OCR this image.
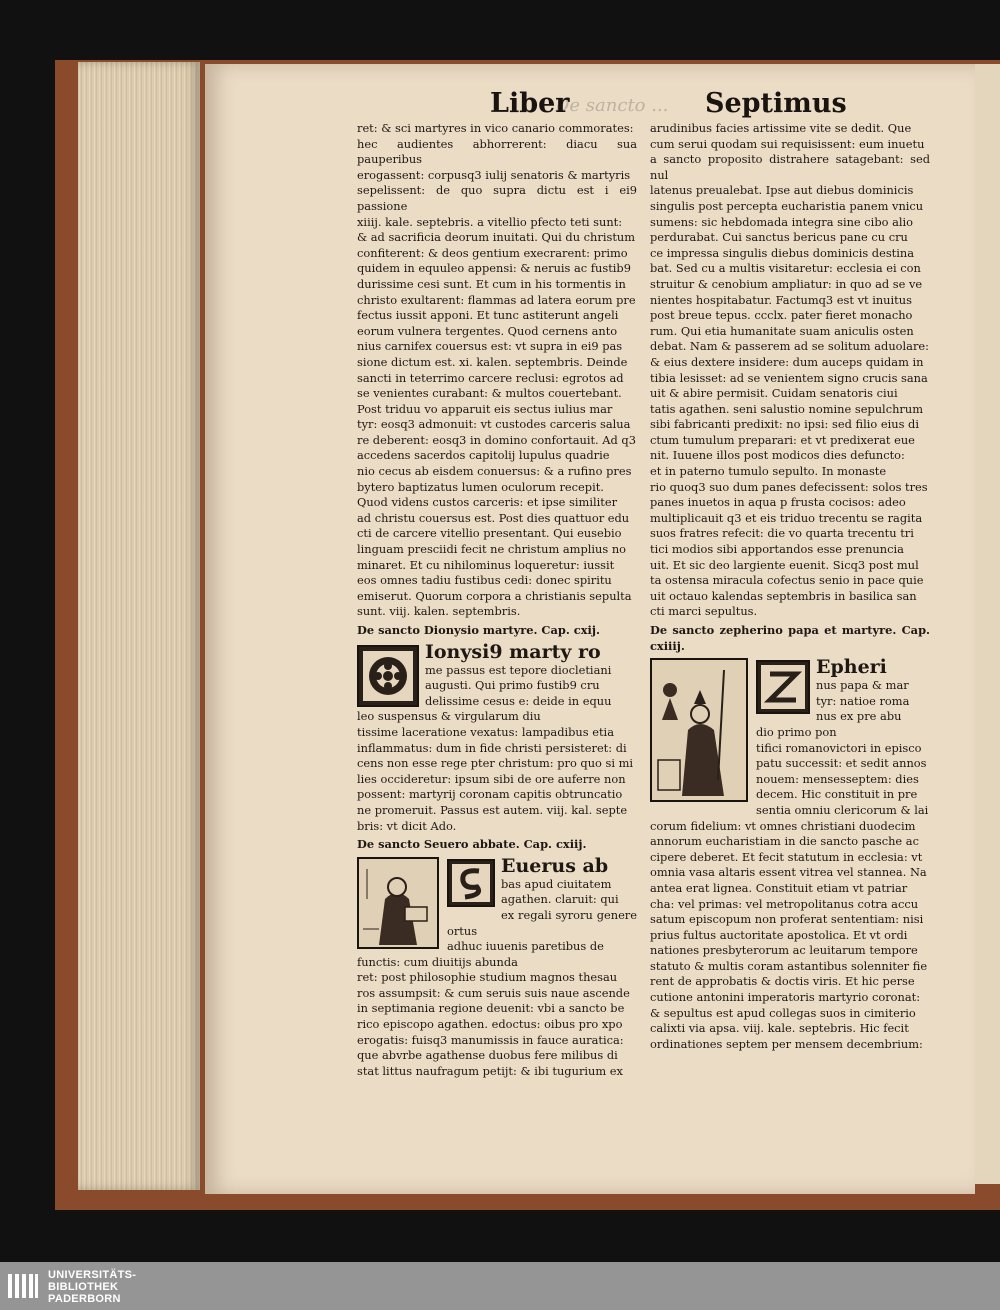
De sancto ...
Liber	Septimus

ret: & sci martyres in vico canario commorates:

hec audientes abhorrerent: diacu sua pauperibus

erogassent: corpusq3 iulij senatoris & martyris

sepelissent: de quo supra dictu est i ei9 passione

xiiij. kale. septebris. a vitellio pfecto teti sunt:

& ad sacrificia deorum inuitati. Qui du christum

confiterent: & deos gentium execrarent: primo

quidem in equuleo appensi: & neruis ac fustib9

durissime cesi sunt. Et cum in his tormentis in

christo exultarent: flammas ad latera eorum pre

fectus iussit apponi. Et tunc astiterunt angeli

eorum vulnera tergentes. Quod cernens anto

nius carnifex couersus est: vt supra in ei9 pas

sione dictum est. xi. kalen. septembris. Deinde

sancti in teterrimo carcere reclusi: egrotos ad

se venientes curabant: & multos couertebant.

Post triduu vo apparuit eis sectus iulius mar

tyr: eosq3 admonuit: vt custodes carceris salua

re deberent: eosq3 in domino confortauit. Ad q3

accedens sacerdos capitolij lupulus quadrie

nio cecus ab eisdem conuersus: & a rufino pres

bytero baptizatus lumen oculorum recepit.

Quod videns custos carceris: et ipse similiter

ad christu couersus est. Post dies quattuor edu

cti de carcere vitellio presentant. Qui eusebio

linguam presciidi fecit ne christum amplius no

minaret. Et cu nihilominus loqueretur: iussit

eos omnes tadiu fustibus cedi: donec spiritu

emiserut. Quorum corpora a christianis sepulta

sunt. viij. kalen. septembris.

De sancto Dionysio martyre. Cap. cxij.

Ionysi9 marty ro

me passus est tepore diocletiani

augusti. Qui primo fustib9 cru

delissime cesus e: deide in equu

leo suspensus & virgularum diu

tissime laceratione vexatus: lampadibus etia

inflammatus: dum in fide christi persisteret: di

cens non esse rege pter christum: pro quo si mi

lies occideretur: ipsum sibi de ore auferre non

possent: martyrij coronam capitis obtruncatio

ne promeruit. Passus est autem. viij. kal. septe

bris: vt dicit Ado.

De sancto Seuero abbate. Cap. cxiij.

Euerus ab

bas apud ciuitatem

agathen. claruit: qui

ex regali syroru genere ortus

adhuc iuuenis paretibus de

functis: cum diuitijs abunda

ret: post philosophie studium magnos thesau

ros assumpsit: & cum seruis suis naue ascende

in septimania regione deuenit: vbi a sancto be

rico episcopo agathen. edoctus: oibus pro xpo

erogatis: fuisq3 manumissis in fauce auratica:

que abvrbe agathense duobus fere milibus di

stat littus naufragum petijt: & ibi tugurium ex

arudinibus facies artissime vite se dedit. Que

cum serui quodam sui requisissent: eum inuetu

a sancto proposito distrahere satagebant: sed nul

latenus preualebat. Ipse aut diebus dominicis

singulis post percepta eucharistia panem vnicu

sumens: sic hebdomada integra sine cibo alio

perdurabat. Cui sanctus bericus pane cu cru

ce impressa singulis diebus dominicis destina

bat. Sed cu a multis visitaretur: ecclesia ei con

struitur & cenobium ampliatur: in quo ad se ve

nientes hospitabatur. Factumq3 est vt inuitus

post breue tepus. ccclx. pater fieret monacho

rum. Qui etia humanitate suam aniculis osten

debat. Nam & passerem ad se solitum aduolare:

& eius dextere insidere: dum auceps quidam in

tibia lesisset: ad se venientem signo crucis sana

uit & abire permisit. Cuidam senatoris ciui

tatis agathen. seni salustio nomine sepulchrum

sibi fabricanti predixit: no ipsi: sed filio eius di

ctum tumulum preparari: et vt predixerat eue

nit. Iuuene illos post modicos dies defuncto:

et in paterno tumulo sepulto. In monaste

rio quoq3 suo dum panes defecissent: solos tres

panes inuetos in aqua p frusta cocisos: adeo

multiplicauit q3 et eis triduo trecentu se ragita

suos fratres refecit: die vo quarta trecentu tri

tici modios sibi apportandos esse prenuncia

uit. Et sic deo largiente euenit. Sicq3 post mul

ta ostensa miracula cofectus senio in pace quie

uit octauo kalendas septembris in basilica san

cti marci sepultus.

De sancto zepherino papa et martyre. Cap. cxiiij.

Epheri

nus papa & mar

tyr: natioe roma

nus ex pre abu

dio primo pon

tifici romanovictori in episco

patu successit: et sedit annos

nouem: mensesseptem: dies

decem. Hic constituit in pre

sentia omniu clericorum & lai

corum fidelium: vt omnes christiani duodecim

annorum eucharistiam in die sancto pasche ac

cipere deberet. Et fecit statutum in ecclesia: vt

omnia vasa altaris essent vitrea vel stannea. Na

antea erat lignea. Constituit etiam vt patriar

cha: vel primas: vel metropolitanus cotra accu

satum episcopum non proferat sententiam: nisi

prius fultus auctoritate apostolica. Et vt ordi

nationes presbyterorum ac leuitarum tempore

statuto & multis coram astantibus solenniter fie

rent de approbatis & doctis viris. Et hic perse

cutione antonini imperatoris martyrio coronat:

& sepultus est apud collegas suos in cimiterio

calixti via apsa. viij. kale. septebris. Hic fecit

ordinationes septem per mensem decembrium:

UNIVERSITÄTS-
BIBLIOTHEK
PADERBORN
